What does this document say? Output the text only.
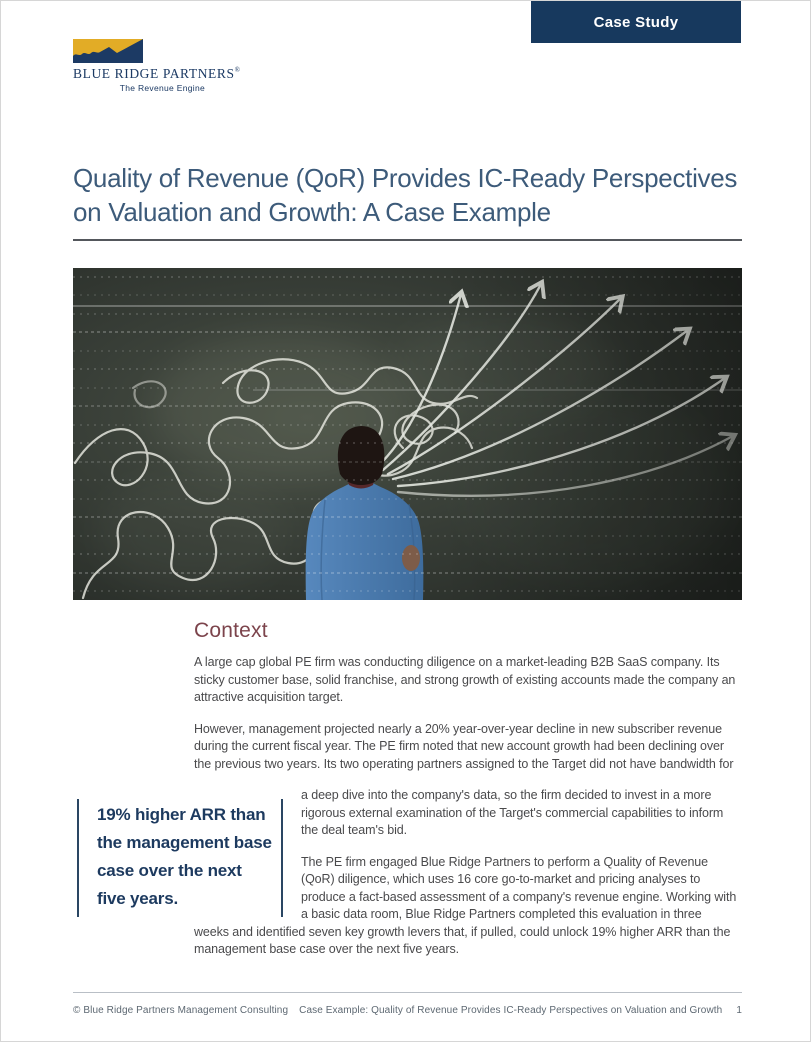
Case Study
BLUE RIDGE PARTNERS®
The Revenue Engine
Quality of Revenue (QoR) Provides IC-Ready Perspectives on Valuation and Growth: A Case Example
Context

A large cap global PE firm was conducting diligence on a market-leading B2B SaaS company. Its sticky customer base, solid franchise, and strong growth of existing accounts made the company an attractive acquisition target.

However, management projected nearly a 20% year-over-year decline in new subscriber revenue during the current fiscal year. The PE firm noted that new account growth had been declining over the previous two years. Its two operating partners assigned to the Target did not have bandwidth for

19% higher ARR than the management base case over the next five years.

a deep dive into the company's data, so the firm decided to invest in a more rigorous external examination of the Target's commercial capabilities to inform the deal team's bid.

The PE firm engaged Blue Ridge Partners to perform a Quality of Revenue (QoR) diligence, which uses 16 core go-to-market and pricing analyses to produce a fact-based assessment of a company's revenue engine. Working with a basic data room, Blue Ridge Partners completed this evaluation in three

weeks and identified seven key growth levers that, if pulled, could unlock 19% higher ARR than the management base case over the next five years.

© Blue Ridge Partners Management Consulting Case Example: Quality of Revenue Provides IC-Ready Perspectives on Valuation and Growth 1
